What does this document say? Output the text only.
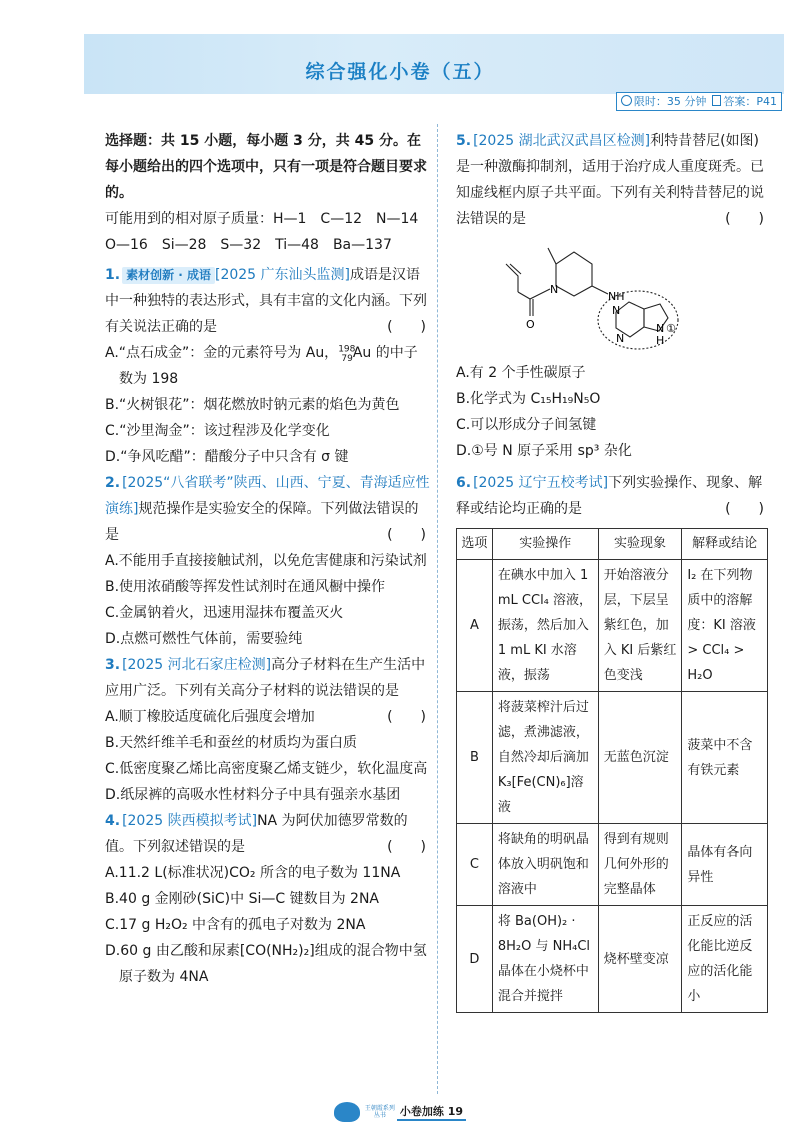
综合强化小卷（五）
限时：35 分钟 答案：P41

选择题：共 15 小题，每小题 3 分，共 45 分。在每小题给出的四个选项中，只有一项是符合题目要求的。

可能用到的相对原子质量：H—1　C—12　N—14　O—16　Si—28　S—32　Ti—48　Ba—137

1. 素材创新 · 成语 [2025 广东汕头监测]成语是汉语中一种独特的表达形式，具有丰富的文化内涵。下列有关说法正确的是	(　　)

A.“点石成金”：金的元素符号为 Au，$^{198}_{79}$Au 的中子数为 198

B.“火树银花”：烟花燃放时钠元素的焰色为黄色

C.“沙里淘金”：该过程涉及化学变化

D.“争风吃醋”：醋酸分子中只含有 σ 键

2. [2025“八省联考”陕西、山西、宁夏、青海适应性演练]规范操作是实验安全的保障。下列做法错误的是	(　　)

A.不能用手直接接触试剂，以免危害健康和污染试剂

B.使用浓硝酸等挥发性试剂时在通风橱中操作

C.金属钠着火，迅速用湿抹布覆盖灭火

D.点燃可燃性气体前，需要验纯

3. [2025 河北石家庄检测]高分子材料在生产生活中应用广泛。下列有关高分子材料的说法错误的是
(　　)

A.顺丁橡胶适度硫化后强度会增加

B.天然纤维羊毛和蚕丝的材质均为蛋白质

C.低密度聚乙烯比高密度聚乙烯支链少，软化温度高

D.纸尿裤的高吸水性材料分子中具有强亲水基团

4. [2025 陕西模拟考试]NA 为阿伏加德罗常数的值。下列叙述错误的是	(　　)

A.11.2 L(标准状况)CO₂ 所含的电子数为 11NA

B.40 g 金刚砂(SiC)中 Si—C 键数目为 2NA

C.17 g H₂O₂ 中含有的孤电子对数为 2NA

D.60 g 由乙酸和尿素[CO(NH₂)₂]组成的混合物中氢原子数为 4NA

5. [2025 湖北武汉武昌区检测]利特昔替尼(如图)是一种激酶抑制剂，适用于治疗成人重度斑秃。已知虚线框内原子共平面。下列有关利特昔替尼的说法错误的是	(　　)

N
O
NH
N
N
N
H
①

A.有 2 个手性碳原子

B.化学式为 C₁₅H₁₉N₅O

C.可以形成分子间氢键

D.①号 N 原子采用 sp³ 杂化

6. [2025 辽宁五校考试]下列实验操作、现象、解释或结论均正确的是	(　　)

选项	实验操作	实验现象	解释或结论
A	在碘水中加入 1 mL CCl₄ 溶液，振荡，然后加入 1 mL KI 水溶液，振荡	开始溶液分层，下层呈紫红色，加入 KI 后紫红色变浅	I₂ 在下列物质中的溶解度：KI 溶液 > CCl₄ > H₂O
B	将菠菜榨汁后过滤，煮沸滤液，自然冷却后滴加 K₃[Fe(CN)₆]溶液	无蓝色沉淀	菠菜中不含有铁元素
C	将缺角的明矾晶体放入明矾饱和溶液中	得到有规则几何外形的完整晶体	晶体有各向异性
D	将 Ba(OH)₂ · 8H₂O 与 NH₄Cl 晶体在小烧杯中混合并搅拌	烧杯壁变凉	正反应的活化能比逆反应的活化能小
王朝霞系列丛书 小卷加练 19
